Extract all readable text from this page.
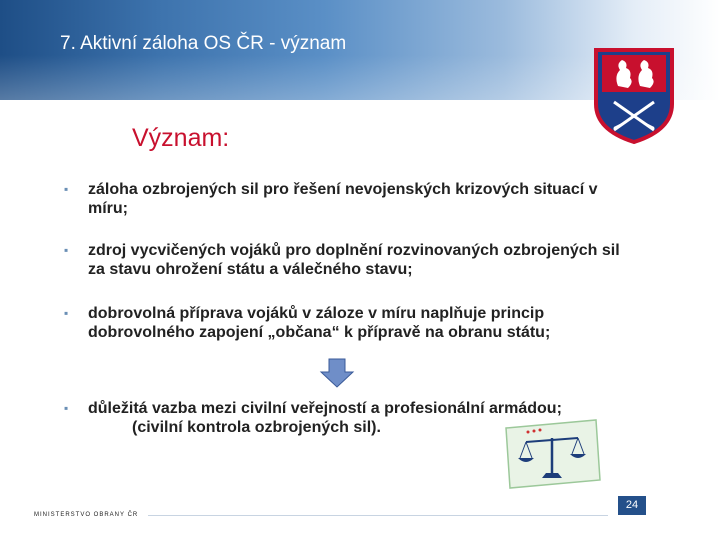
7. Aktivní záloha OS ČR - význam
Význam:
▪ záloha ozbrojených sil pro řešení nevojenských krizových situací v
míru;
▪ zdroj vycvičených vojáků pro doplnění rozvinovaných ozbrojených sil
za stavu ohrožení státu a válečného stavu;
▪ dobrovolná příprava vojáků v záloze v míru naplňuje princip
dobrovolného zapojení „občana“ k přípravě na obranu státu;
▪ důležitá vazba mezi civilní veřejností a profesionální armádou;
(civilní kontrola ozbrojených sil).
MINISTERSTVO OBRANY ČR
24
